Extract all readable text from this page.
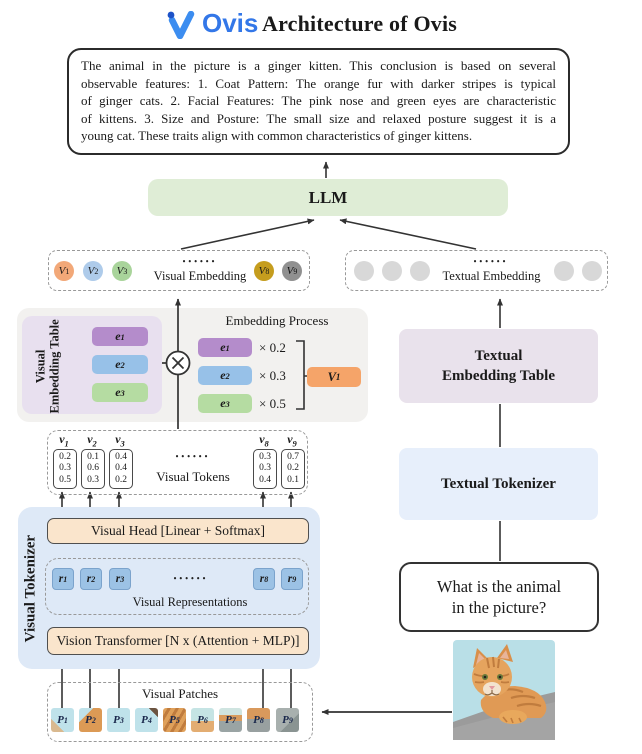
Ovis Architecture of Ovis
The animal in the picture is a ginger kitten. This conclusion is based on several
observable features: 1. Coat Pattern: The orange fur with darker stripes is typical
of ginger cats. 2. Facial Features: The pink nose and green eyes are characteristic
of kittens. 3. Size and Posture: The small size and relaxed posture suggest it is a
young cat. These traits align with common characteristics of ginger kittens.
LLM
V 1 V 2 V 3
••••••
Visual Embedding	V 8 V 9
••••••
Textual Embedding
Visual Embedding Table	e 1
e 2
e 3
Embedding Process
e 1 × 0.2
e 2 × 0.3
e 3 × 0.5
V 1
$v_1$	$v_2$	$v_3$	$v_8$	$v_9$
0.2
0.3
0.5
0.1
0.6
0.3
0.4
0.4
0.2
••••••
Visual Tokens
0.3
0.3
0.4
0.7
0.2
0.1
Visual Tokenizer
Visual Head [Linear + Softmax]
r 1 r 2 r 3	••••••
Visual Representations
r 8 r 9
Vision Transformer [N x (Attention + MLP)]
Visual Patches
P 1 P 2 P 3 P 4 P 5 P 6 P 7 P 8 P 9
Textual
Embedding Table
Textual Tokenizer
What is the animal
in the picture?
